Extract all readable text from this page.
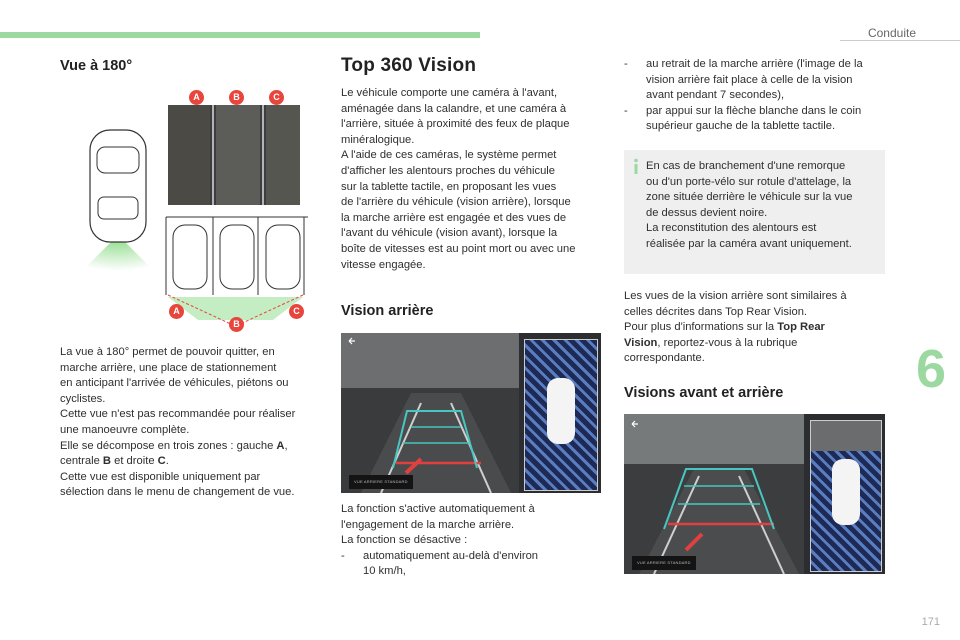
Conduite
6
171
Vue à 180°
A	B	C
A
B
C

La vue à 180° permet de pouvoir quitter, en

marche arrière, une place de stationnement

en anticipant l'arrivée de véhicules, piétons ou

cyclistes.

Cette vue n'est pas recommandée pour réaliser

une manoeuvre complète.

Elle se décompose en trois zones : gauche A,

centrale B et droite C.

Cette vue est disponible uniquement par

sélection dans le menu de changement de vue.

Top 360 Vision

Le véhicule comporte une caméra à l'avant,

aménagée dans la calandre, et une caméra à

l'arrière, située à proximité des feux de plaque

minéralogique.

A l'aide de ces caméras, le système permet

d'afficher les alentours proches du véhicule

sur la tablette tactile, en proposant les vues

de l'arrière du véhicule (vision arrière), lorsque

la marche arrière est engagée et des vues de

l'avant du véhicule (vision avant), lorsque la

boîte de vitesses est au point mort ou avec une

vitesse engagée.

Vision arrière
VUE ARRIERE STANDARD

La fonction s'active automatiquement à

l'engagement de la marche arrière.

La fonction se désactive :

-	automatiquement au-delà d'environ

10 km/h,

-	au retrait de la marche arrière (l'image de la

vision arrière fait place à celle de la vision

avant pendant 7 secondes),

-	par appui sur la flèche blanche dans le coin

supérieur gauche de la tablette tactile.

En cas de branchement d'une remorque

ou d'un porte-vélo sur rotule d'attelage, la

zone située derrière le véhicule sur la vue

de dessus devient noire.

La reconstitution des alentours est

réalisée par la caméra avant uniquement.

Les vues de la vision arrière sont similaires à

celles décrites dans Top Rear Vision.

Pour plus d'informations sur la Top Rear

Vision, reportez-vous à la rubrique

correspondante.

Visions avant et arrière
VUE ARRIERE STANDARD
